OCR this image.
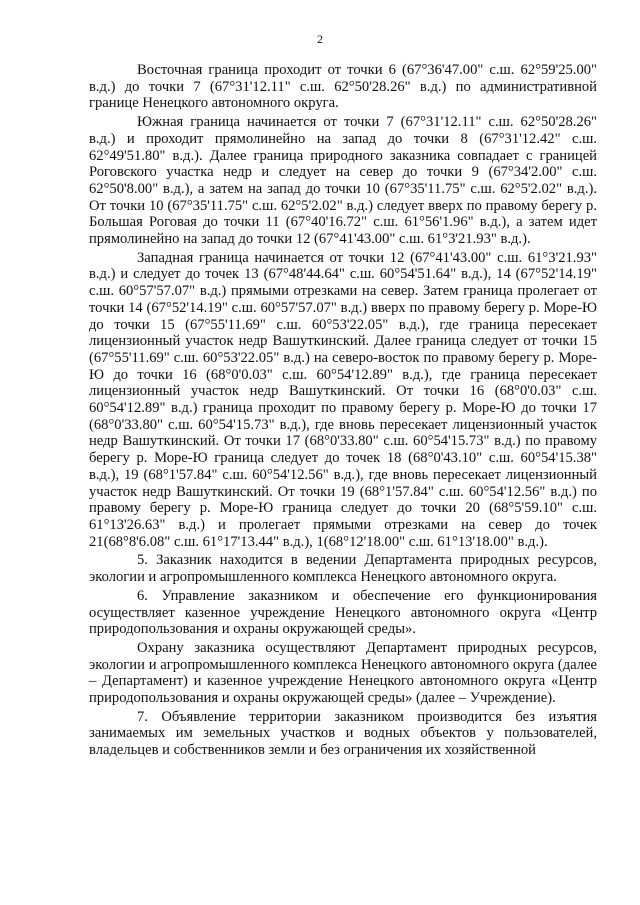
2

Восточная граница проходит от точки 6 (67°36'47.00" с.ш. 62°59'25.00" в.д.) до точки 7 (67°31'12.11" с.ш. 62°50'28.26" в.д.) по административной границе Ненецкого автономного округа.

Южная граница начинается от точки 7 (67°31'12.11" с.ш. 62°50'28.26" в.д.) и проходит прямолинейно на запад до точки 8 (67°31'12.42" с.ш. 62°49'51.80" в.д.). Далее граница природного заказника совпадает с границей Роговского участка недр и следует на север до точки 9 (67°34'2.00" с.ш. 62°50'8.00" в.д.), а затем на запад до точки 10 (67°35'11.75" с.ш. 62°5'2.02" в.д.). От точки 10 (67°35'11.75" с.ш. 62°5'2.02" в.д.) следует вверх по правому берегу р. Большая Роговая до точки 11 (67°40'16.72" с.ш. 61°56'1.96" в.д.), а затем идет прямолинейно на запад до точки 12 (67°41'43.00" с.ш. 61°3'21.93" в.д.).

Западная граница начинается от точки 12 (67°41'43.00" с.ш. 61°3'21.93" в.д.) и следует до точек 13 (67°48'44.64" с.ш. 60°54'51.64" в.д.), 14 (67°52'14.19" с.ш. 60°57'57.07" в.д.) прямыми отрезками на север. Затем граница пролегает от точки 14 (67°52'14.19" с.ш. 60°57'57.07" в.д.) вверх по правому берегу р. Море-Ю до точки 15 (67°55'11.69" с.ш. 60°53'22.05" в.д.), где граница пересекает лицензионный участок недр Вашуткинский. Далее граница следует от точки 15 (67°55'11.69" с.ш. 60°53'22.05" в.д.) на северо-восток по правому берегу р. Море-Ю до точки 16 (68°0'0.03" с.ш. 60°54'12.89" в.д.), где граница пересекает лицензионный участок недр Вашуткинский. От точки 16 (68°0'0.03" с.ш. 60°54'12.89" в.д.) граница проходит по правому берегу р. Море-Ю до точки 17 (68°0'33.80" с.ш. 60°54'15.73" в.д.), где вновь пересекает лицензионный участок недр Вашуткинский. От точки 17 (68°0'33.80" с.ш. 60°54'15.73" в.д.) по правому берегу р. Море-Ю граница следует до точек 18 (68°0'43.10" с.ш. 60°54'15.38" в.д.), 19 (68°1'57.84" с.ш. 60°54'12.56" в.д.), где вновь пересекает лицензионный участок недр Вашуткинский. От точки 19 (68°1'57.84" с.ш. 60°54'12.56" в.д.) по правому берегу р. Море-Ю граница следует до точки 20 (68°5'59.10" с.ш. 61°13'26.63" в.д.) и пролегает прямыми отрезками на север до точек 21(68°8'6.08" с.ш. 61°17'13.44" в.д.), 1(68°12'18.00" с.ш. 61°13'18.00" в.д.).

5. Заказник находится в ведении Департамента природных ресурсов, экологии и агропромышленного комплекса Ненецкого автономного округа.

6. Управление заказником и обеспечение его функционирования осуществляет казенное учреждение Ненецкого автономного округа «Центр природопользования и охраны окружающей среды».

Охрану заказника осуществляют Департамент природных ресурсов, экологии и агропромышленного комплекса Ненецкого автономного округа (далее – Департамент) и казенное учреждение Ненецкого автономного округа «Центр природопользования и охраны окружающей среды» (далее – Учреждение).

7. Объявление территории заказником производится без изъятия занимаемых им земельных участков и водных объектов у пользователей, владельцев и собственников земли и без ограничения их хозяйственной
